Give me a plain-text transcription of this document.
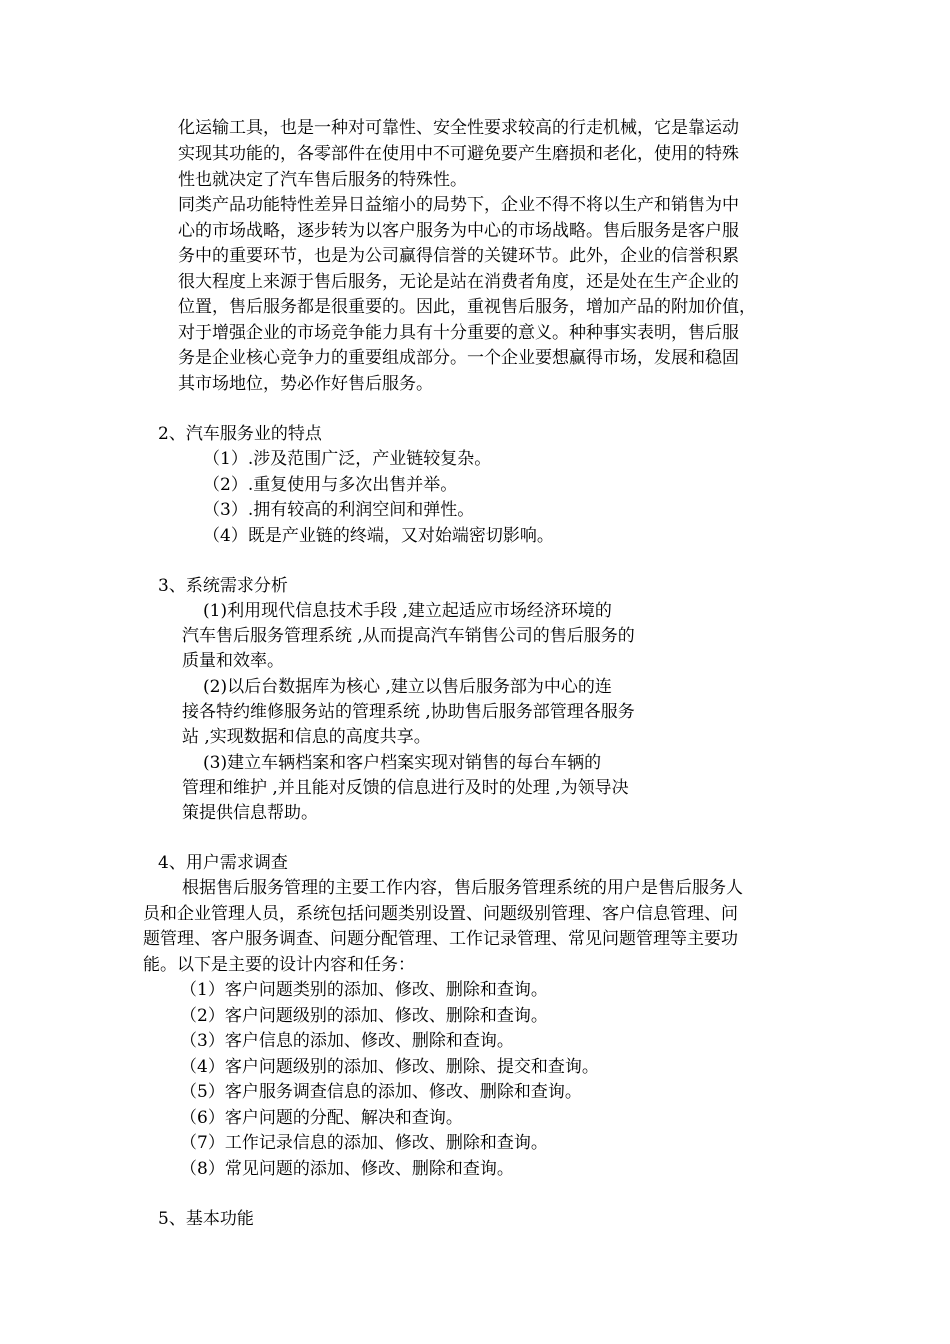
化运输工具，也是一种对可靠性、安全性要求较高的行走机械，它是靠运动
实现其功能的，各零部件在使用中不可避免要产生磨损和老化，使用的特殊
性也就决定了汽车售后服务的特殊性。
同类产品功能特性差异日益缩小的局势下，企业不得不将以生产和销售为中
心的市场战略，逐步转为以客户服务为中心的市场战略。售后服务是客户服
务中的重要环节，也是为公司赢得信誉的关键环节。此外，企业的信誉积累
很大程度上来源于售后服务，无论是站在消费者角度，还是处在生产企业的
位置，售后服务都是很重要的。因此，重视售后服务，增加产品的附加价值，
对于增强企业的市场竞争能力具有十分重要的意义。种种事实表明，售后服
务是企业核心竞争力的重要组成部分。一个企业要想赢得市场，发展和稳固
其市场地位，势必作好售后服务。
2、汽车服务业的特点
（1）.涉及范围广泛，产业链较复杂。
（2）.重复使用与多次出售并举。
（3）.拥有较高的利润空间和弹性。
（4）既是产业链的终端，又对始端密切影响。
3、系统需求分析
(1)利用现代信息技术手段 ,建立起适应市场经济环境的
汽车售后服务管理系统 ,从而提高汽车销售公司的售后服务的
质量和效率。
(2)以后台数据库为核心 ,建立以售后服务部为中心的连
接各特约维修服务站的管理系统 ,协助售后服务部管理各服务
站 ,实现数据和信息的高度共享。
(3)建立车辆档案和客户档案实现对销售的每台车辆的
管理和维护 ,并且能对反馈的信息进行及时的处理 ,为领导决
策提供信息帮助。
4、用户需求调查
根据售后服务管理的主要工作内容，售后服务管理系统的用户是售后服务人
员和企业管理人员，系统包括问题类别设置、问题级别管理、客户信息管理、问
题管理、客户服务调查、问题分配管理、工作记录管理、常见问题管理等主要功
能。以下是主要的设计内容和任务：
（1）客户问题类别的添加、修改、删除和查询。
（2）客户问题级别的添加、修改、删除和查询。
（3）客户信息的添加、修改、删除和查询。
（4）客户问题级别的添加、修改、删除、提交和查询。
（5）客户服务调查信息的添加、修改、删除和查询。
（6）客户问题的分配、解决和查询。
（7）工作记录信息的添加、修改、删除和查询。
（8）常见问题的添加、修改、删除和查询。
5、基本功能
